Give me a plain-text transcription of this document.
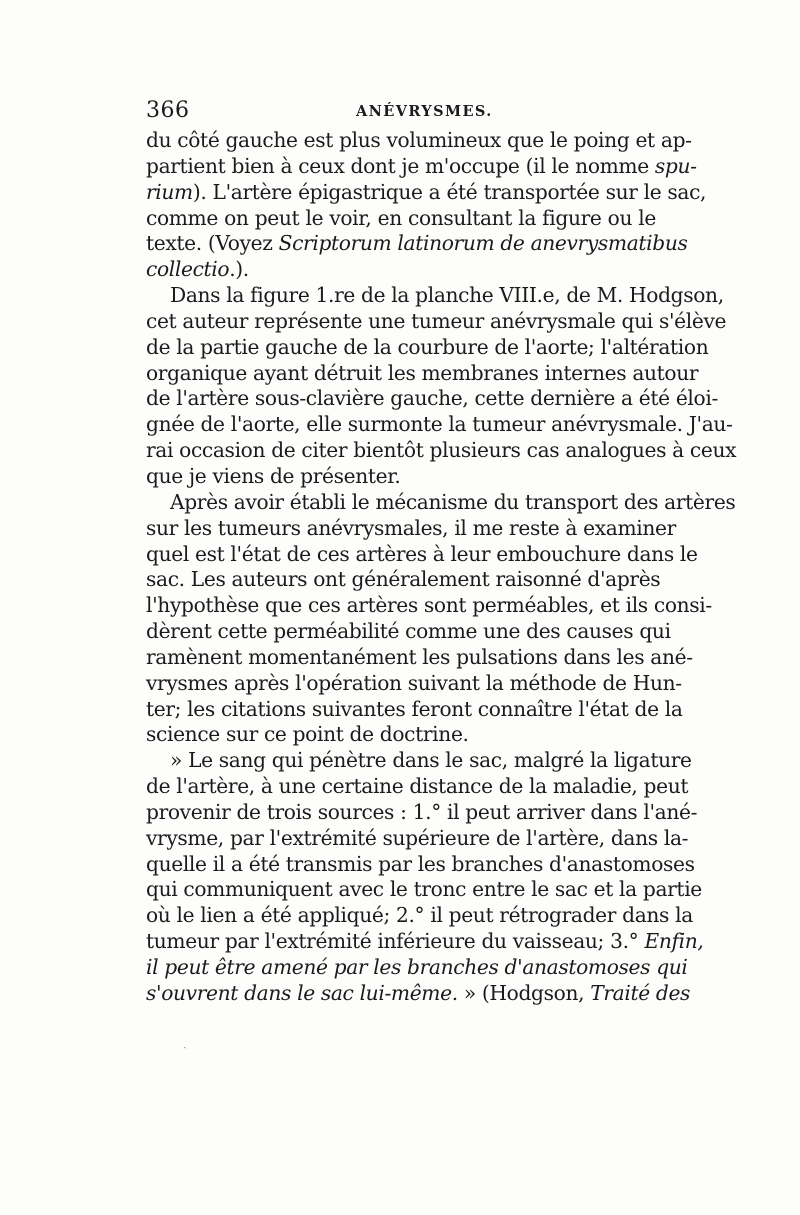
366	ANÉVRYSMES.
du côté gauche est plus volumineux que le poing et ap-
partient bien à ceux dont je m'occupe (il le nomme spu-
rium). L'artère épigastrique a été transportée sur le sac,
comme on peut le voir, en consultant la figure ou le
texte. (Voyez Scriptorum latinorum de anevrysmatibus
collectio.).
Dans la figure 1.re de la planche VIII.e, de M. Hodgson,
cet auteur représente une tumeur anévrysmale qui s'élève
de la partie gauche de la courbure de l'aorte; l'altération
organique ayant détruit les membranes internes autour
de l'artère sous-clavière gauche, cette dernière a été éloi-
gnée de l'aorte, elle surmonte la tumeur anévrysmale. J'au-
rai occasion de citer bientôt plusieurs cas analogues à ceux
que je viens de présenter.
Après avoir établi le mécanisme du transport des artères
sur les tumeurs anévrysmales, il me reste à examiner
quel est l'état de ces artères à leur embouchure dans le
sac. Les auteurs ont généralement raisonné d'après
l'hypothèse que ces artères sont perméables, et ils consi-
dèrent cette perméabilité comme une des causes qui
ramènent momentanément les pulsations dans les ané-
vrysmes après l'opération suivant la méthode de Hun-
ter; les citations suivantes feront connaître l'état de la
science sur ce point de doctrine.
» Le sang qui pénètre dans le sac, malgré la ligature
de l'artère, à une certaine distance de la maladie, peut
provenir de trois sources : 1.° il peut arriver dans l'ané-
vrysme, par l'extrémité supérieure de l'artère, dans la-
quelle il a été transmis par les branches d'anastomoses
qui communiquent avec le tronc entre le sac et la partie
où le lien a été appliqué; 2.° il peut rétrograder dans la
tumeur par l'extrémité inférieure du vaisseau; 3.° Enfin,
il peut être amené par les branches d'anastomoses qui
s'ouvrent dans le sac lui-même. » (Hodgson, Traité des
ˏ
